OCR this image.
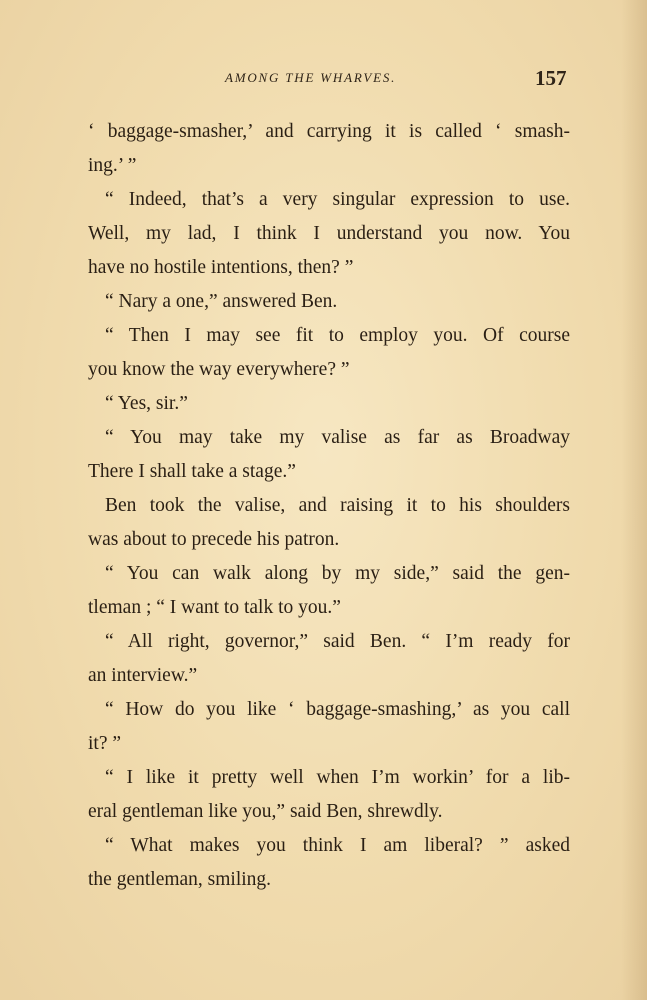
AMONG THE WHARVES.	157
‘ baggage-smasher,’ and carrying it is called ‘ smash-
ing.’ ”
“ Indeed, that’s a very singular expression to use.
Well, my lad, I think I understand you now. You
have no hostile intentions, then? ”
“ Nary a one,” answered Ben.
“ Then I may see fit to employ you. Of course
you know the way everywhere? ”
“ Yes, sir.”
“ You may take my valise as far as Broadway
There I shall take a stage.”
Ben took the valise, and raising it to his shoulders
was about to precede his patron.
“ You can walk along by my side,” said the gen-
tleman ; “ I want to talk to you.”
“ All right, governor,” said Ben. “ I’m ready for
an interview.”
“ How do you like ‘ baggage-smashing,’ as you call
it? ”
“ I like it pretty well when I’m workin’ for a lib-
eral gentleman like you,” said Ben, shrewdly.
“ What makes you think I am liberal? ” asked
the gentleman, smiling.
